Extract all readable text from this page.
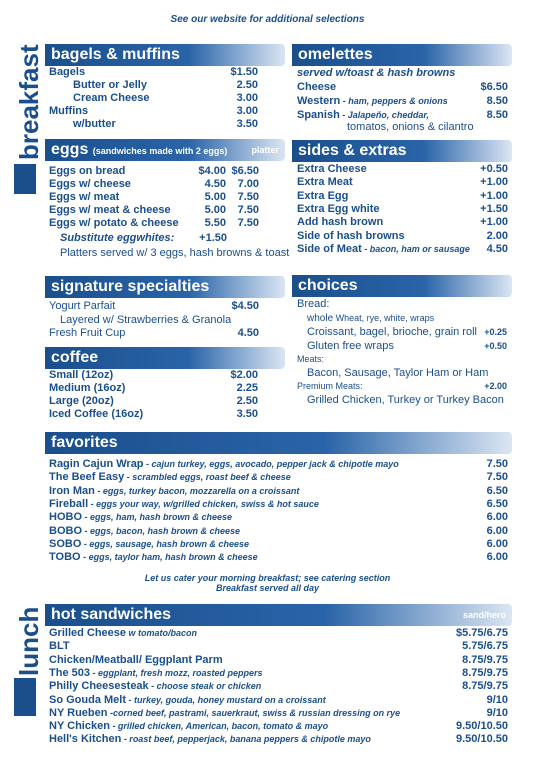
See our website for additional selections
breakfast bagels & muffins
Bagels	$1.50
Butter or Jelly	2.50
Cream Cheese	3.00
Muffins	3.00
w/butter	3.50
eggs (sandwiches made with 2 eggs)	platter
Eggs on bread	$4.00 $6.50
Eggs w/ cheese	4.50	7.00
Eggs w/ meat	5.00	7.50
Eggs w/ meat & cheese	5.00	7.50
Eggs w/ potato & cheese	5.50	7.50
Substitute eggwhites:	+1.50
Platters served w/ 3 eggs, hash browns & toast
omelettes
served w/toast & hash browns
Cheese	$6.50
Western - ham, peppers & onions	8.50
Spanish - Jalapeño, cheddar,	8.50
tomatos, onions & cilantro
sides & extras
Extra Cheese	+0.50
Extra Meat	+1.00
Extra Egg	+1.00
Extra Egg white	+1.50
Add hash brown	+1.00
Side of hash browns	2.00
Side of Meat - bacon, ham or sausage	4.50
signature specialties
Yogurt Parfait	$4.50
Layered w/ Strawberries & Granola
Fresh Fruit Cup	4.50
coffee
Small (12oz)	$2.00
Medium (16oz)	2.25
Large (20oz)	2.50
Iced Coffee (16oz)	3.50
choices
Bread:
whole Wheat, rye, white, wraps
Croissant, bagel, brioche, grain roll +0.25
Gluten free wraps	+0.50
Meats:
Bacon, Sausage, Taylor Ham or Ham
Premium Meats:	+2.00
Grilled Chicken, Turkey or Turkey Bacon
favorites
Ragin Cajun Wrap - cajun turkey, eggs, avocado, pepper jack & chipotle mayo	7.50
The Beef Easy - scrambled eggs, roast beef & cheese	7.50
Iron Man - eggs, turkey bacon, mozzarella on a croissant	6.50
Fireball - eggs your way, w/grilled chicken, swiss & hot sauce	6.50
HOBO - eggs, ham, hash brown & cheese	6.00
BOBO - eggs, bacon, hash brown & cheese	6.00
SOBO - eggs, sausage, hash brown & cheese	6.00
TOBO - eggs, taylor ham, hash brown & cheese	6.00
Let us cater your morning breakfast; see catering section
Breakfast served all day
lunch hot sandwiches	sand/hero
Grilled Cheese w tomato/bacon	$5.75/6.75
BLT	5.75/6.75
Chicken/Meatball/ Eggplant Parm	8.75/9.75
The 503 - eggplant, fresh mozz, roasted peppers	8.75/9.75
Philly Cheesesteak - choose steak or chicken	8.75/9.75
So Gouda Melt - turkey, gouda, honey mustard on a croissant	9/10
NY Rueben -corned beef, pastrami, sauerkraut, swiss & russian dressing on rye	9/10
NY Chicken - grilled chicken, American, bacon, tomato & mayo	9.50/10.50
Hell's Kitchen - roast beef, pepperjack, banana peppers & chipotle mayo	9.50/10.50
